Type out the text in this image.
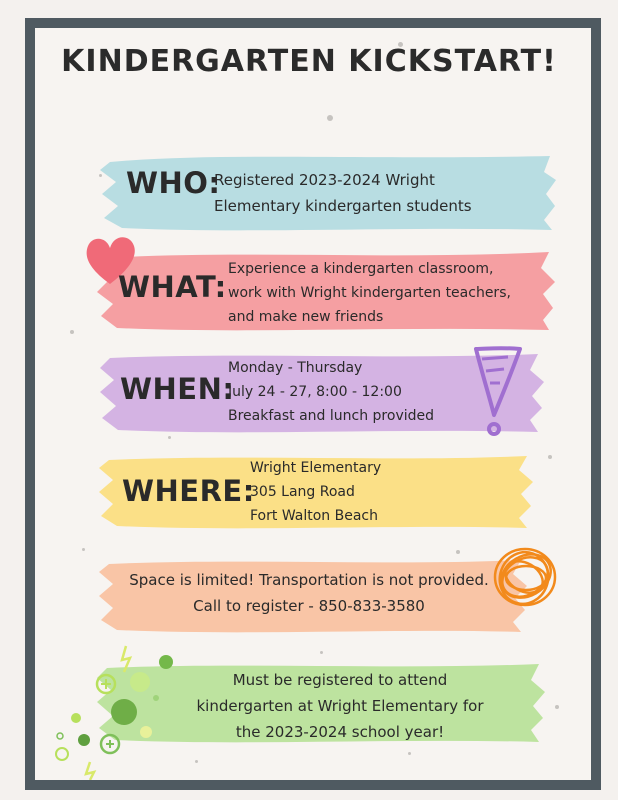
KINDERGARTEN KICKSTART!
WHO:
Registered 2023-2024 Wright
Elementary kindergarten students
WHAT:
Experience a kindergarten classroom,
work with Wright kindergarten teachers,
and make new friends
WHEN:
Monday - Thursday
July 24 - 27, 8:00 - 12:00
Breakfast and lunch provided
WHERE:
Wright Elementary
305 Lang Road
Fort Walton Beach
Space is limited! Transportation is not provided.
Call to register - 850-833-3580
Must be registered to attend
kindergarten at Wright Elementary for
the 2023-2024 school year!
